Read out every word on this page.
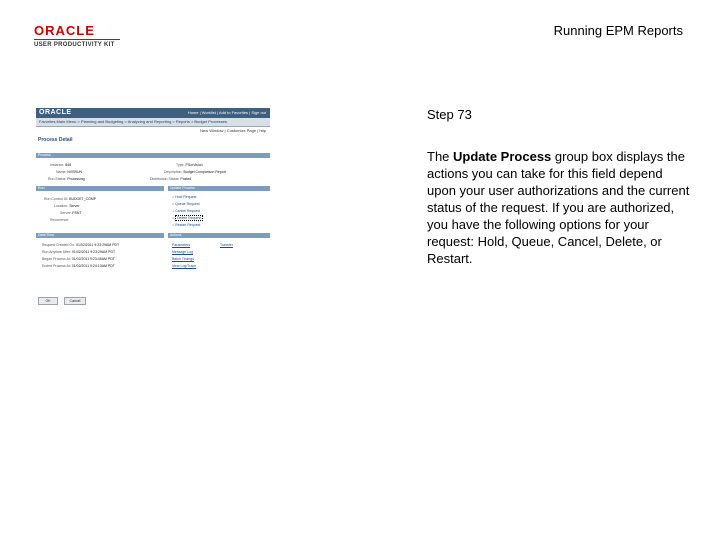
ORACLE
USER PRODUCTIVITY KIT
Running EPM Reports
ORACLE	Home | Worklist | Add to Favorites | Sign out
Favorites Main Menu > Planning and Budgeting > Analyzing and Reporting > Reports > Budget Processes
New Window | Customize Page | http
Process Detail
Process
Instance: 848	Type: PS/nVision
Name: NVSRUN	Description: Budget Comparison Report
Run Status: Processing	Distribution Status: Posted
Run	Update Process
Run Control ID: BUDGET_COMP
Location: Server
Server: PSNT
Recurrence:
○ Hold Request
○ Queue Request
○ Cancel Request
○ Delete Request
○ Restart Request
Date/Time	Actions
Request Created On: 01/02/2011 9:23:29AM PDT
Run Anytime After: 01/02/2011 9:23:29AM PDT
Began Process At: 01/02/2011 9:23:45AM PDT
Ended Process At: 01/02/2011 9:24:10AM PDT
Parameters	Transfer
Message Log
Batch Timings
View Log/Trace
OK	Cancel
Step 73
The Update Process group box displays the actions you can take for this field depend upon your user authorizations and the current status of the request. If you are authorized, you have the following options for your request: Hold, Queue, Cancel, Delete, or Restart.
